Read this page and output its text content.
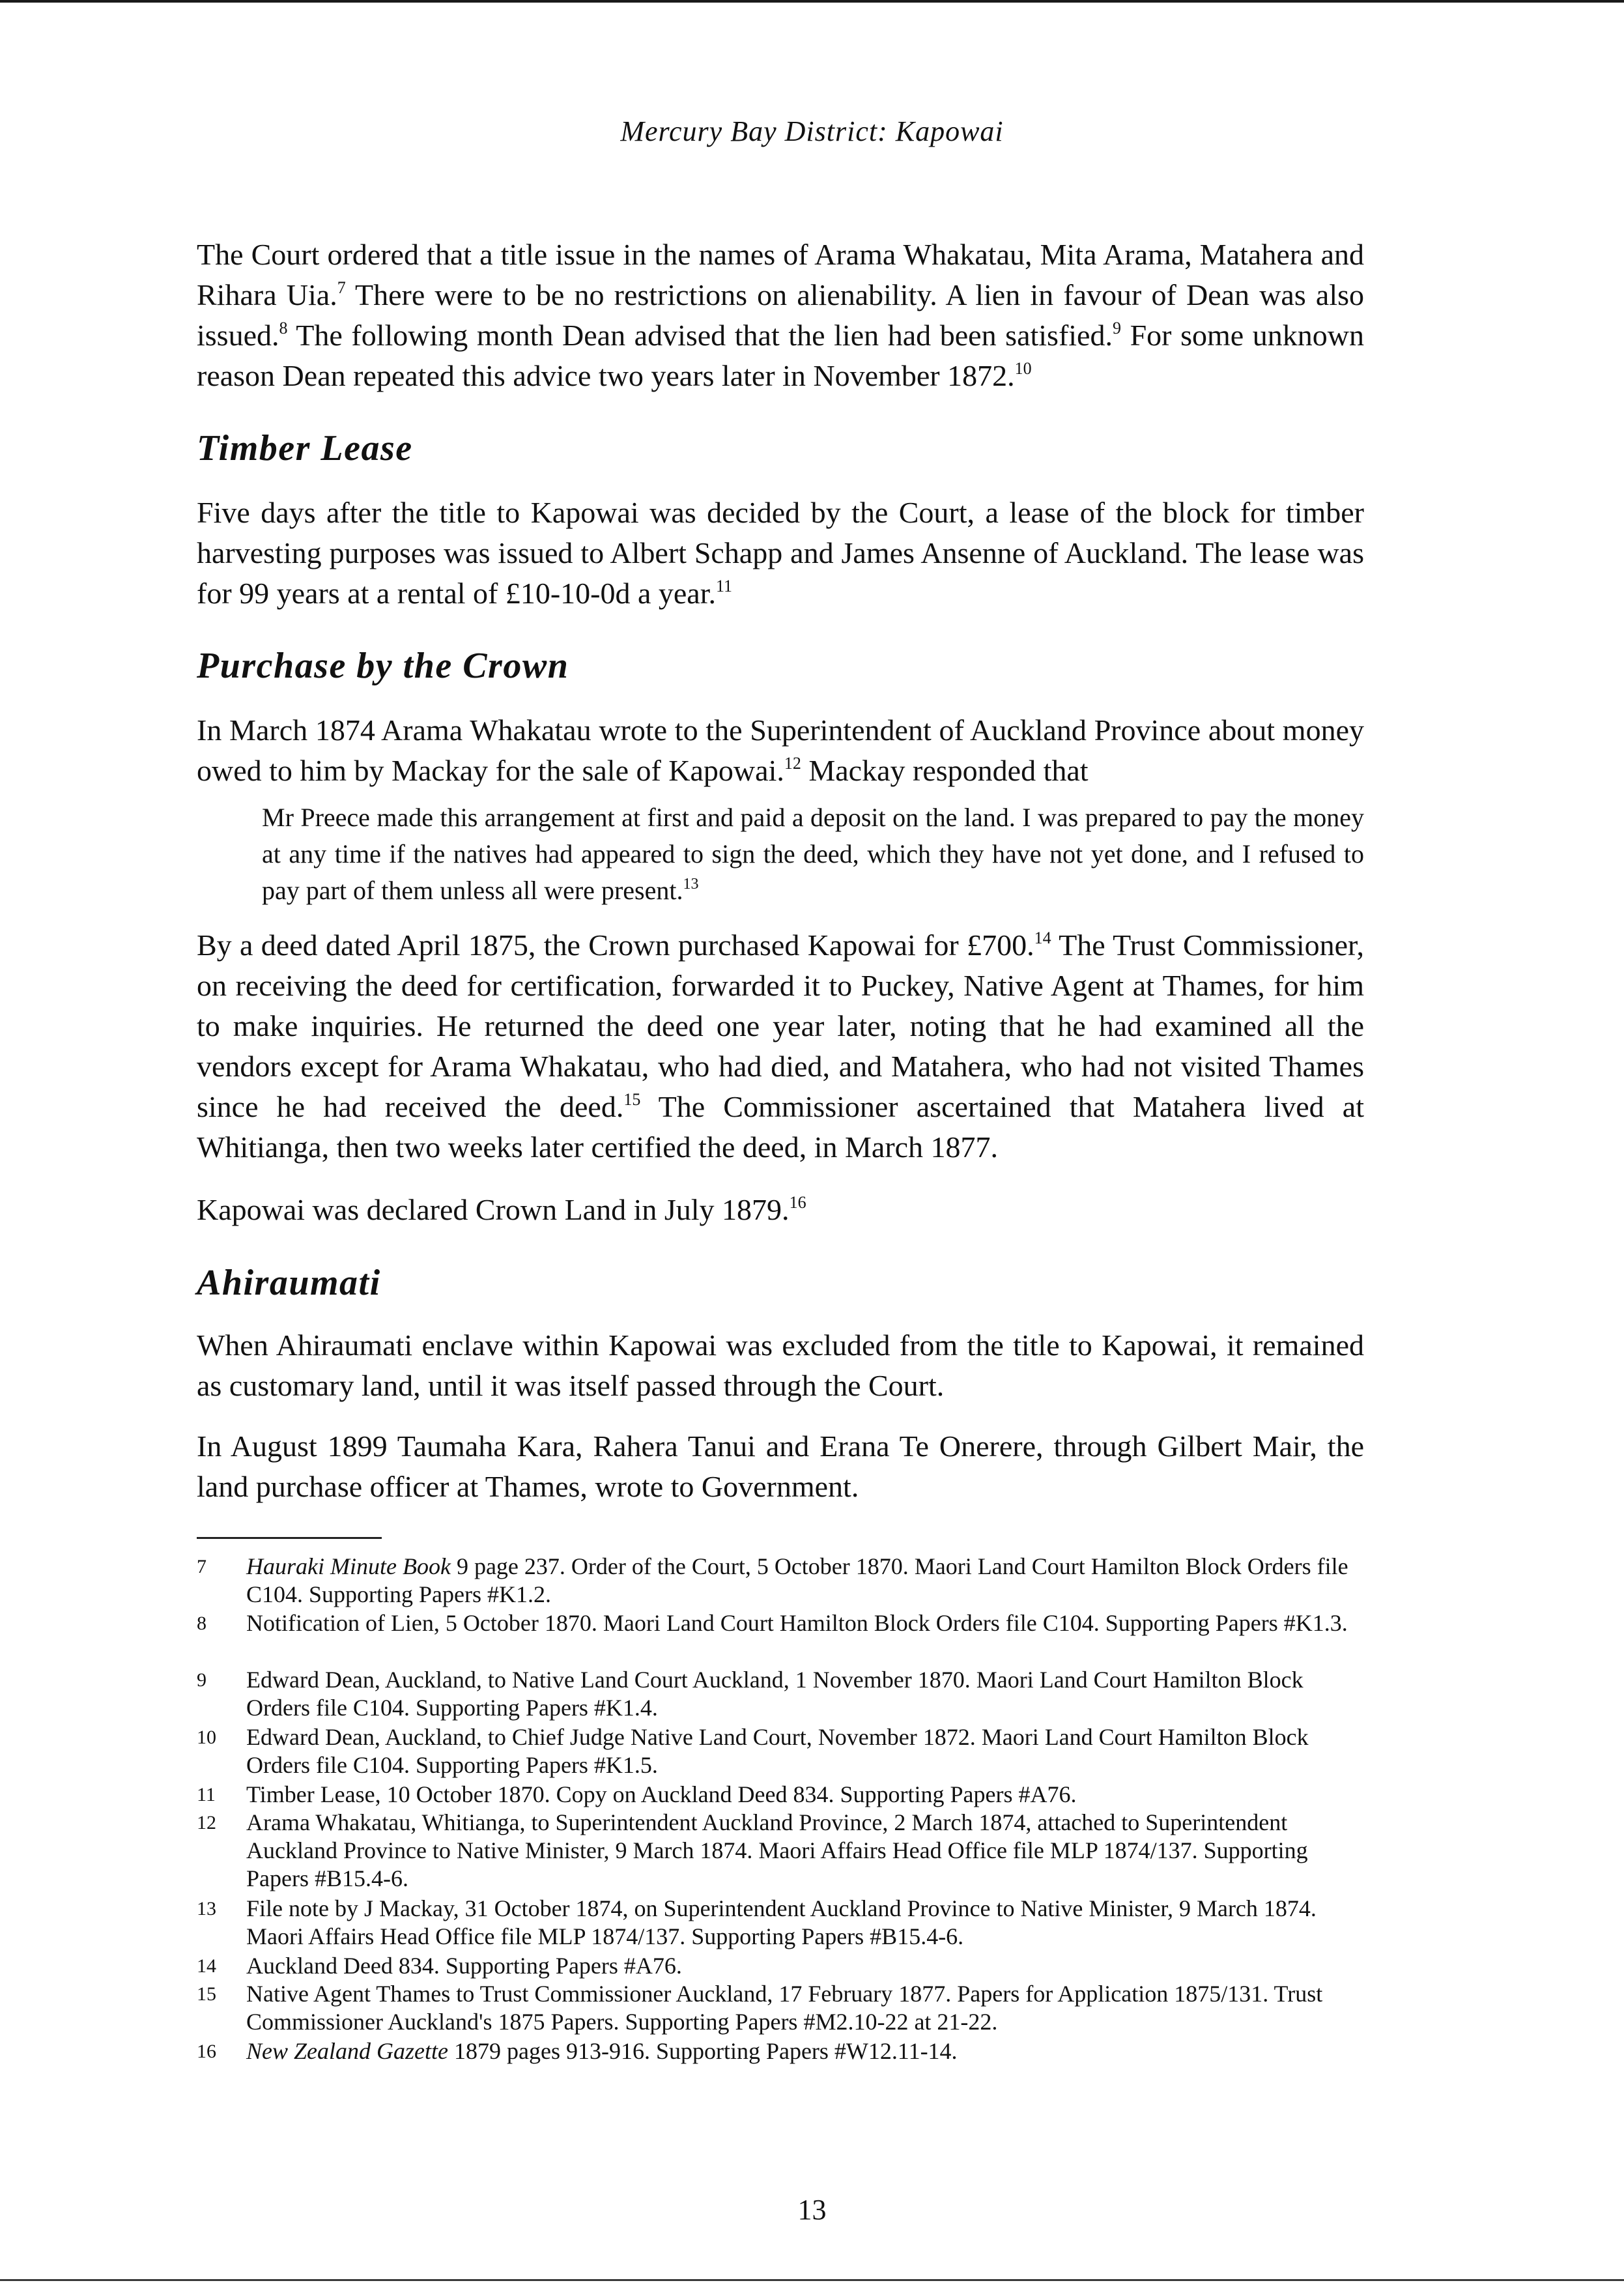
Mercury Bay District: Kapowai

The Court ordered that a title issue in the names of Arama Whakatau, Mita Arama, Matahera and Rihara Uia.$^7$ There were to be no restrictions on alienability. A lien in favour of Dean was also issued.$^8$ The following month Dean advised that the lien had been satisfied.$^9$ For some unknown reason Dean repeated this advice two years later in November 1872.10

Timber Lease

Five days after the title to Kapowai was decided by the Court, a lease of the block for timber harvesting purposes was issued to Albert Schapp and James Ansenne of Auckland. The lease was for 99 years at a rental of £10-10-0d a year.$^{11}$

Purchase by the Crown

In March 1874 Arama Whakatau wrote to the Superintendent of Auckland Province about money owed to him by Mackay for the sale of Kapowai.$^{12}$ Mackay responded that

Mr Preece made this arrangement at first and paid a deposit on the land. I was prepared to pay the money at any time if the natives had appeared to sign the deed, which they have not yet done, and I refused to pay part of them unless all were present.$^{13}$

By a deed dated April 1875, the Crown purchased Kapowai for £700.14 The Trust Commissioner, on receiving the deed for certification, forwarded it to Puckey, Native Agent at Thames, for him to make inquiries. He returned the deed one year later, noting that he had examined all the vendors except for Arama Whakatau, who had died, and Matahera, who had not visited Thames since he had received the deed.$^{15}$ The Commissioner ascertained that Matahera lived at Whitianga, then two weeks later certified the deed, in March 1877.

Kapowai was declared Crown Land in July 1879.16

Ahiraumati

When Ahiraumati enclave within Kapowai was excluded from the title to Kapowai, it remained as customary land, until it was itself passed through the Court.

In August 1899 Taumaha Kara, Rahera Tanui and Erana Te Onerere, through Gilbert Mair, the land purchase officer at Thames, wrote to Government.

7 Hauraki Minute Book 9 page 237. Order of the Court, 5 October 1870. Maori Land Court Hamilton Block Orders file C104. Supporting Papers #K1.2.
8 Notification of Lien, 5 October 1870. Maori Land Court Hamilton Block Orders file C104. Supporting Papers #K1.3.
9 Edward Dean, Auckland, to Native Land Court Auckland, 1 November 1870. Maori Land Court Hamilton Block Orders file C104. Supporting Papers #K1.4.
10 Edward Dean, Auckland, to Chief Judge Native Land Court, November 1872. Maori Land Court Hamilton Block Orders file C104. Supporting Papers #K1.5.
11 Timber Lease, 10 October 1870. Copy on Auckland Deed 834. Supporting Papers #A76.
12 Arama Whakatau, Whitianga, to Superintendent Auckland Province, 2 March 1874, attached to Superintendent Auckland Province to Native Minister, 9 March 1874. Maori Affairs Head Office file MLP 1874/137. Supporting Papers #B15.4-6.
13 File note by J Mackay, 31 October 1874, on Superintendent Auckland Province to Native Minister, 9 March 1874. Maori Affairs Head Office file MLP 1874/137. Supporting Papers #B15.4-6.
14 Auckland Deed 834. Supporting Papers #A76.
15 Native Agent Thames to Trust Commissioner Auckland, 17 February 1877. Papers for Application 1875/131. Trust Commissioner Auckland's 1875 Papers. Supporting Papers #M2.10-22 at 21-22.
16 New Zealand Gazette 1879 pages 913-916. Supporting Papers #W12.11-14.
13
